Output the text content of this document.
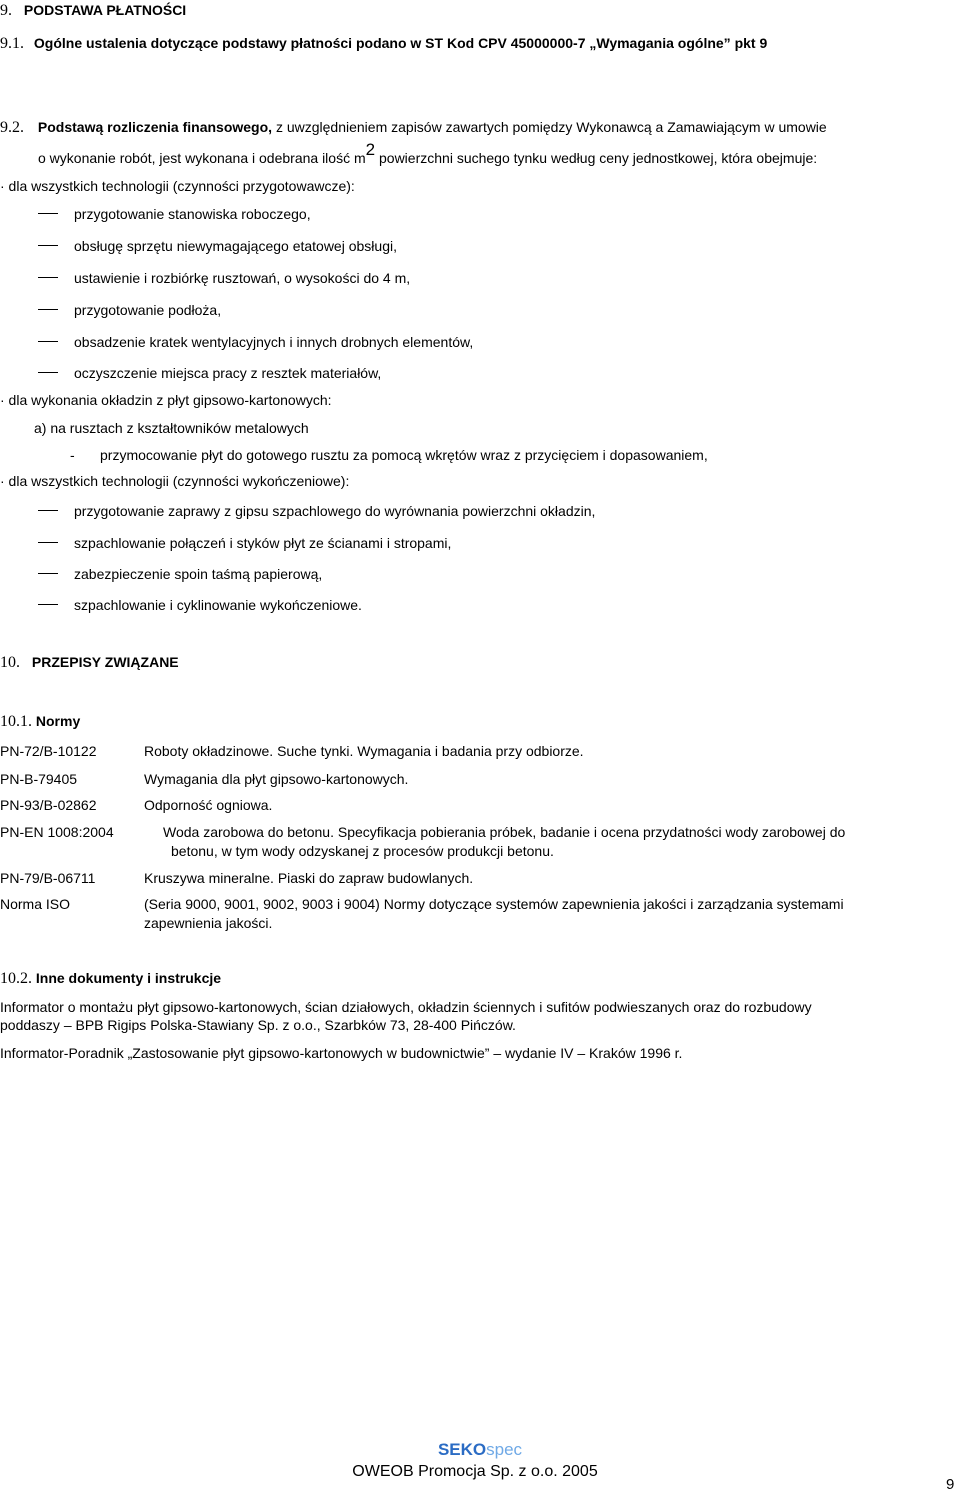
9. PODSTAWA PŁATNOŚCI
9.1. Ogólne ustalenia dotyczące podstawy płatności podano w ST Kod CPV 45000000-7 „Wymagania ogólne” pkt 9
9.2. Podstawą rozliczenia finansowego, z uwzględnieniem zapisów zawartych pomiędzy Wykonawcą a Zamawiającym w umowie
o wykonanie robót, jest wykonana i odebrana ilość m2 powierzchni suchego tynku według ceny jednostkowej, która obejmuje:
· dla wszystkich technologii (czynności przygotowawcze):
przygotowanie stanowiska roboczego,
obsługę sprzętu niewymagającego etatowej obsługi,
ustawienie i rozbiórkę rusztowań, o wysokości do 4 m,
przygotowanie podłoża,
obsadzenie kratek wentylacyjnych i innych drobnych elementów,
oczyszczenie miejsca pracy z resztek materiałów,
· dla wykonania okładzin z płyt gipsowo-kartonowych:
a) na rusztach z kształtowników metalowych
- przymocowanie płyt do gotowego rusztu za pomocą wkrętów wraz z przycięciem i dopasowaniem,
· dla wszystkich technologii (czynności wykończeniowe):
przygotowanie zaprawy z gipsu szpachlowego do wyrównania powierzchni okładzin,
szpachlowanie połączeń i styków płyt ze ścianami i stropami,
zabezpieczenie spoin taśmą papierową,
szpachlowanie i cyklinowanie wykończeniowe.
10. PRZEPISY ZWIĄZANE
10.1. Normy
PN-72/B-10122	Roboty okładzinowe. Suche tynki. Wymagania i badania przy odbiorze.
PN-B-79405	Wymagania dla płyt gipsowo-kartonowych.
PN-93/B-02862	Odporność ogniowa.
PN-EN 1008:2004	Woda zarobowa do betonu. Specyfikacja pobierania próbek, badanie i ocena przydatności wody zarobowej do
betonu, w tym wody odzyskanej z procesów produkcji betonu.
PN-79/B-06711	Kruszywa mineralne. Piaski do zapraw budowlanych.
Norma ISO	(Seria 9000, 9001, 9002, 9003 i 9004) Normy dotyczące systemów zapewnienia jakości i zarządzania systemami
zapewnienia jakości.
10.2. Inne dokumenty i instrukcje
Informator o montażu płyt gipsowo-kartonowych, ścian działowych, okładzin ściennych i sufitów podwieszanych oraz do rozbudowy
poddaszy – BPB Rigips Polska-Stawiany Sp. z o.o., Szarbków 73, 28-400 Pińczów.
Informator-Poradnik „Zastosowanie płyt gipsowo-kartonowych w budownictwie” – wydanie IV – Kraków 1996 r.
SEKOspec
OWEOB Promocja Sp. z o.o. 2005
9
